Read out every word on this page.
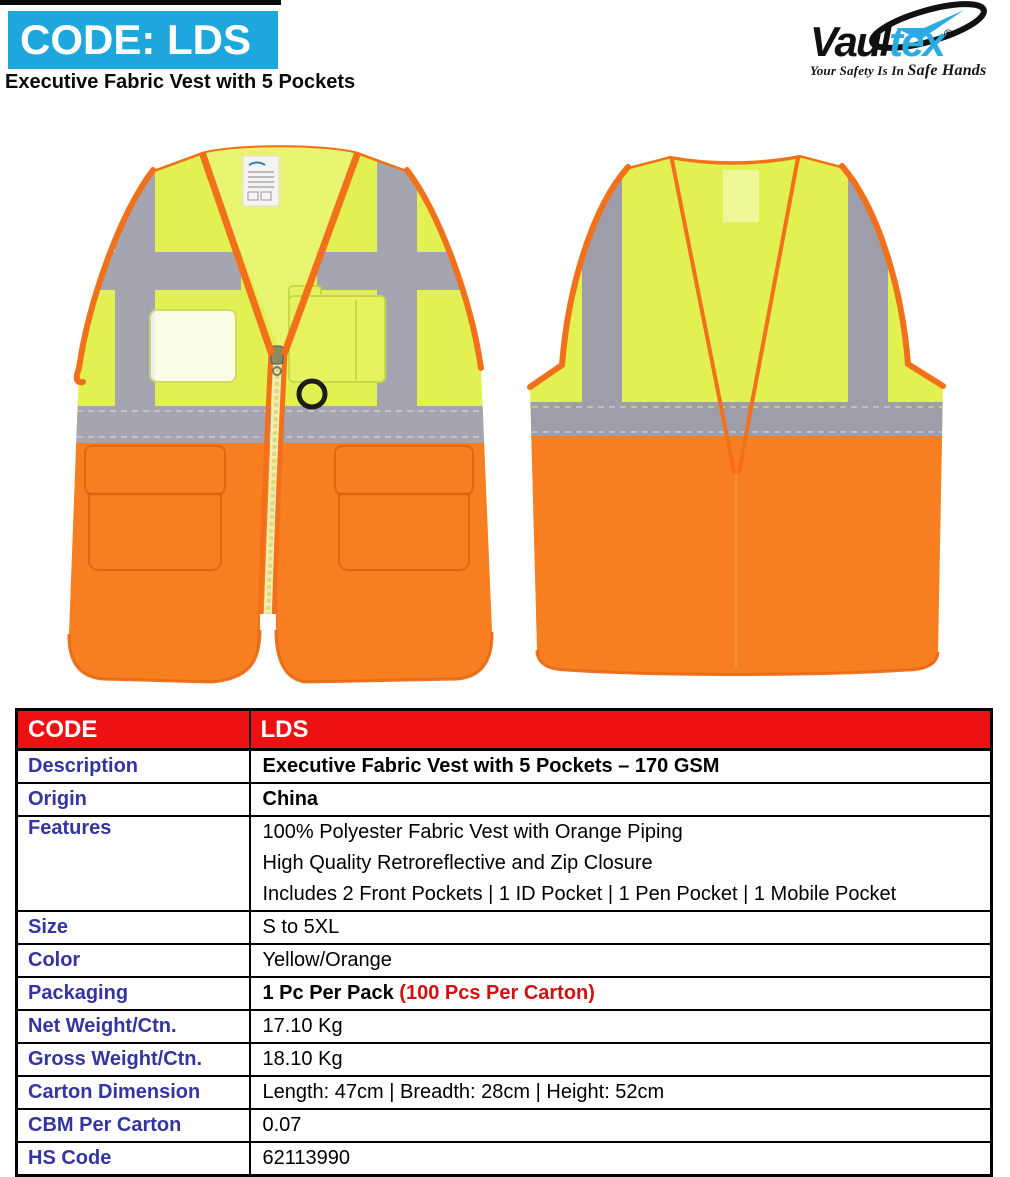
CODE: LDS
Executive Fabric Vest with 5 Pockets
Vaultex®
Your Safety Is In Safe Hands
CODE	LDS
Description	Executive Fabric Vest with 5 Pockets – 170 GSM
Origin	China
Features	100% Polyester Fabric Vest with Orange Piping
High Quality Retroreflective and Zip Closure
Includes 2 Front Pockets | 1 ID Pocket | 1 Pen Pocket | 1 Mobile Pocket

Size	S to 5XL
Color	Yellow/Orange
Packaging	1 Pc Per Pack (100 Pcs Per Carton)
Net Weight/Ctn.	17.10 Kg
Gross Weight/Ctn.	18.10 Kg
Carton Dimension	Length: 47cm | Breadth: 28cm | Height: 52cm
CBM Per Carton	0.07
HS Code	62113990
